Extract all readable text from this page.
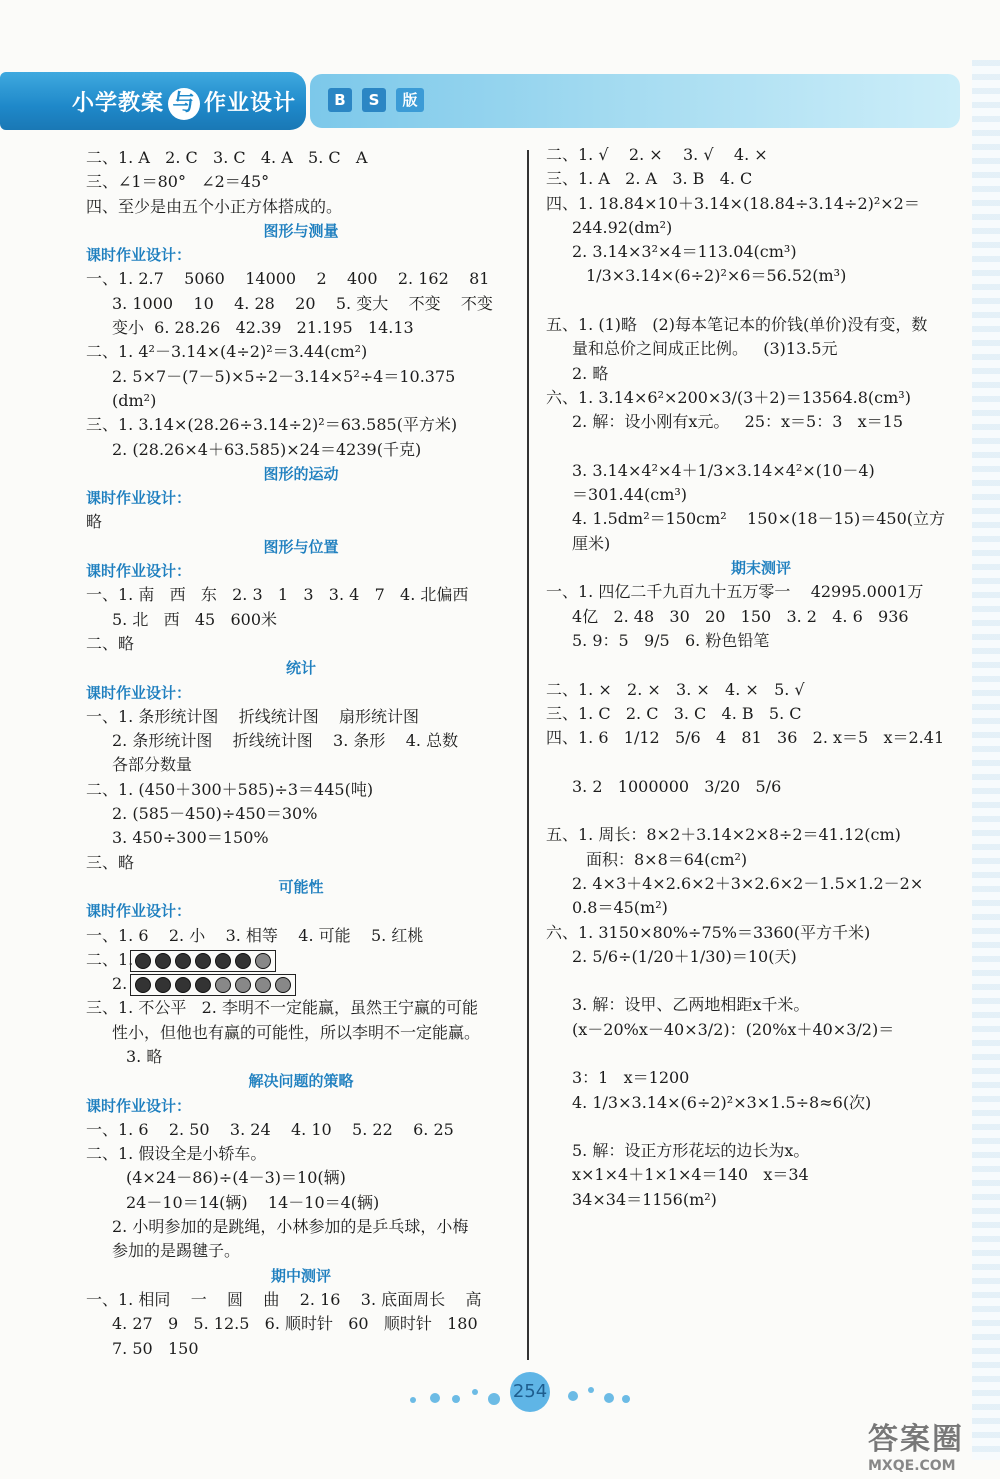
小学教案 与 作业设计	B	S	版
二、1. A   2. C   3. C   4. A   5. C   A
三、∠1＝80°   ∠2＝45°
四、至少是由五个小正方体搭成的。
图形与测量
课时作业设计：
一、1. 2.7    5060    14000    2    400    2. 162    81
3. 1000    10    4. 28    20    5. 变大    不变    不变
变小  6. 28.26   42.39   21.195   14.13
二、1. 4²－3.14×(4÷2)²＝3.44(cm²)
2. 5×7－(7－5)×5÷2－3.14×5²÷4＝10.375
(dm²)
三、1. 3.14×(28.26÷3.14÷2)²＝63.585(平方米)
2. (28.26×4＋63.585)×24＝4239(千克)
图形的运动
课时作业设计：
略
图形与位置
课时作业设计：
一、1. 南   西   东   2. 3   1   3   3. 4   7   4. 北偏西
5. 北   西   45   600米
二、略
统计
课时作业设计：
一、1. 条形统计图    折线统计图    扇形统计图
2. 条形统计图    折线统计图    3. 条形    4. 总数
各部分数量
二、1. (450＋300＋585)÷3＝445(吨)
2. (585－450)÷450＝30%
3. 450÷300＝150%
三、略
可能性
课时作业设计：
一、1. 6    2. 小    3. 相等    4. 可能    5. 红桃
二、1.
2.
三、1. 不公平   2. 李明不一定能赢，虽然王宁赢的可能
性小，但他也有赢的可能性，所以李明不一定能赢。
3. 略
解决问题的策略
课时作业设计：
一、1. 6    2. 50    3. 24    4. 10    5. 22    6. 25
二、1. 假设全是小轿车。
(4×24－86)÷(4－3)＝10(辆)
24－10＝14(辆)    14－10＝4(辆)
2. 小明参加的是跳绳，小林参加的是乒乓球，小梅
参加的是踢毽子。
期中测评
一、1. 相同    一    圆    曲    2. 16    3. 底面周长    高
4. 27   9   5. 12.5   6. 顺时针   60   顺时针   180
7. 50   150
二、1. √    2. ×    3. √    4. ×
三、1. A   2. A   3. B   4. C
四、1. 18.84×10＋3.14×(18.84÷3.14÷2)²×2＝
244.92(dm²)
2. 3.14×3²×4＝113.04(cm³)
1/3×3.14×(6÷2)²×6＝56.52(m³)
五、1. (1)略   (2)每本笔记本的价钱(单价)没有变，数
量和总价之间成正比例。   (3)13.5元
2. 略
六、1. 3.14×6²×200×3/(3＋2)＝13564.8(cm³)
2. 解：设小刚有x元。   25：x＝5：3   x＝15
3. 3.14×4²×4＋1/3×3.14×4²×(10－4)
＝301.44(cm³)
4. 1.5dm²＝150cm²    150×(18－15)＝450(立方
厘米)
期末测评
一、1. 四亿二千九百九十五万零一    42995.0001万
4亿   2. 48   30   20   150   3. 2   4. 6   936
5. 9：5   9/5   6. 粉色铅笔
二、1. ×   2. ×   3. ×   4. ×   5. √
三、1. C   2. C   3. C   4. B   5. C
四、1. 6   1/12   5/6   4   81   36   2. x＝5   x＝2.41
3. 2   1000000   3/20   5/6
五、1. 周长：8×2＋3.14×2×8÷2＝41.12(cm)
面积：8×8＝64(cm²)
2. 4×3＋4×2.6×2＋3×2.6×2－1.5×1.2－2×
0.8＝45(m²)
六、1. 3150×80%÷75%＝3360(平方千米)
2. 5/6÷(1/20＋1/30)＝10(天)
3. 解：设甲、乙两地相距x千米。
(x－20%x－40×3/2)：(20%x＋40×3/2)＝
3：1   x＝1200
4. 1/3×3.14×(6÷2)²×3×1.5÷8≈6(次)
5. 解：设正方形花坛的边长为x。
x×1×4＋1×1×4＝140   x＝34
34×34＝1156(m²)
254
答案圈
MXQE.COM
